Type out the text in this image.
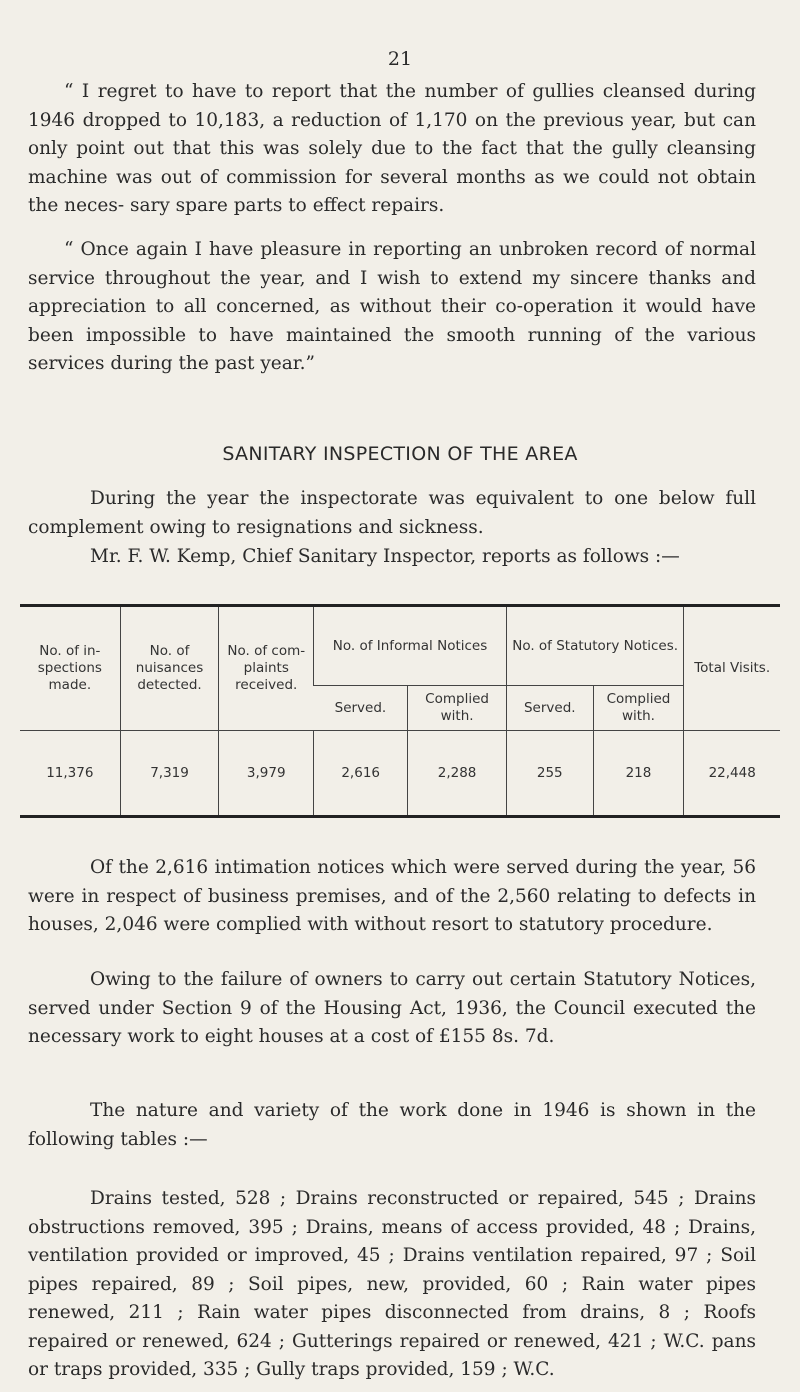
21

“ I regret to have to report that the number of gullies cleansed during 1946 dropped to 10,183, a reduction of 1,170 on the previous year, but can only point out that this was solely due to the fact that the gully cleansing machine was out of commission for several months as we could not obtain the neces- sary spare parts to effect repairs.

“ Once again I have pleasure in reporting an unbroken record of normal service throughout the year, and I wish to extend my sincere thanks and appreciation to all concerned, as without their co-operation it would have been impossible to have maintained the smooth running of the various services during the past year.”

SANITARY INSPECTION OF THE AREA

During the year the inspectorate was equivalent to one below full complement owing to resignations and sickness.

Mr. F. W. Kemp, Chief Sanitary Inspector, reports as follows :—

No. of in- spections made.	No. of nuisances detected.	No. of com- plaints received.	No. of Informal Notices		No. of Statutory Notices.		Total Visits.
			Served.	Complied with.	Served.	Complied with.	
11,376	7,319	3,979	2,616	2,288	255	218	22,448

Of the 2,616 intimation notices which were served during the year, 56 were in respect of business premises, and of the 2,560 relating to defects in houses, 2,046 were complied with without resort to statutory procedure.

Owing to the failure of owners to carry out certain Statutory Notices, served under Section 9 of the Housing Act, 1936, the Council executed the necessary work to eight houses at a cost of £155 8s. 7d.

The nature and variety of the work done in 1946 is shown in the following tables :—

Drains tested, 528 ; Drains reconstructed or repaired, 545 ; Drains obstructions removed, 395 ; Drains, means of access provided, 48 ; Drains, ventilation provided or improved, 45 ; Drains ventilation repaired, 97 ; Soil pipes repaired, 89 ; Soil pipes, new, provided, 60 ; Rain water pipes renewed, 211 ; Rain water pipes disconnected from drains, 8 ; Roofs repaired or renewed, 624 ; Gutterings repaired or renewed, 421 ; W.C. pans or traps provided, 335 ; Gully traps provided, 159 ; W.C.
